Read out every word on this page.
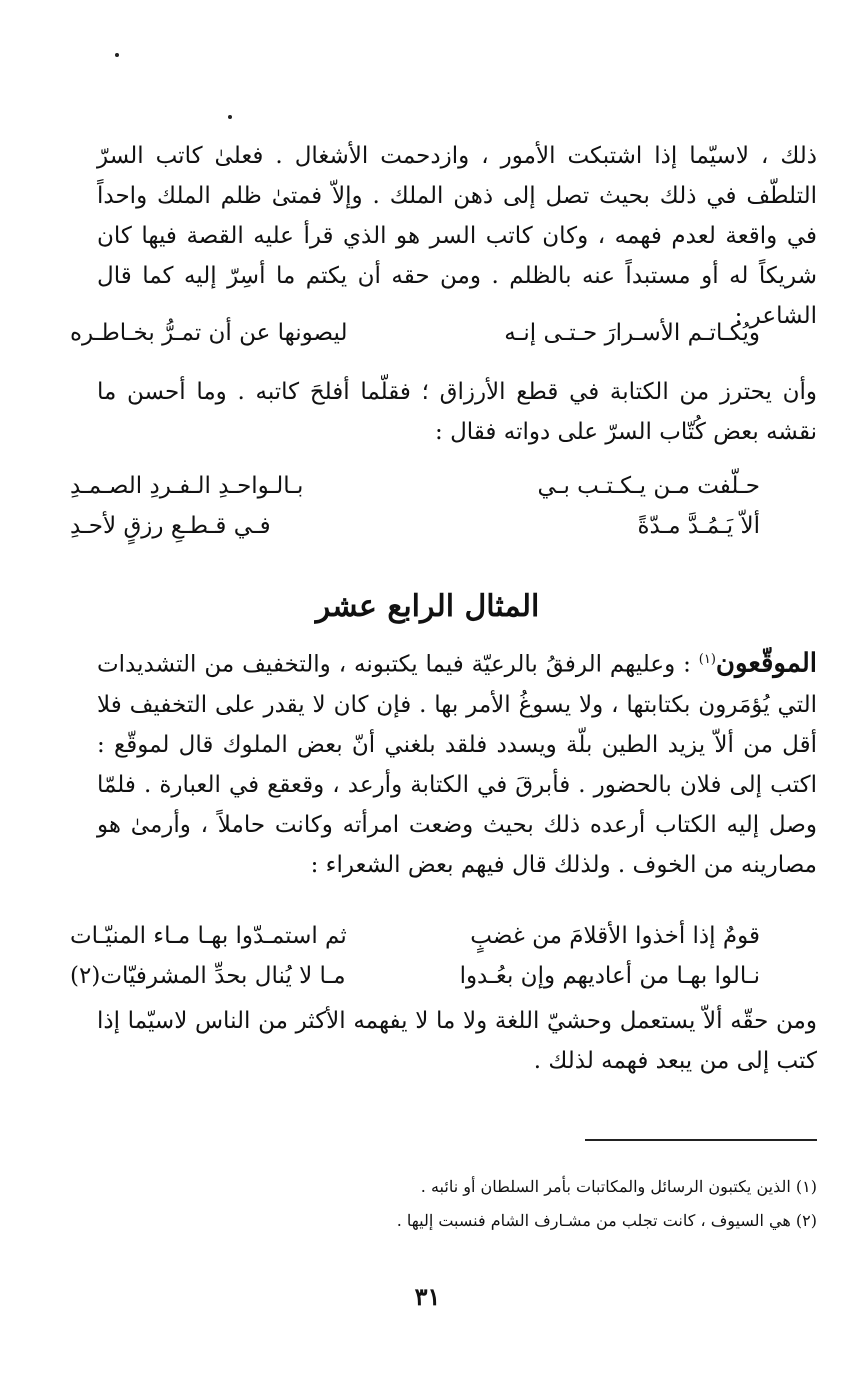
ذلك ، لاسيّما إذا اشتبكت الأمور ، وازدحمت الأشغال . فعلىٰ كاتب السرّ التلطّف في ذلك بحيث تصل إلى ذهن الملك . وإلاّ فمتىٰ ظلم الملك واحداً في واقعة لعدم فهمه ، وكان كاتب السر هو الذي قرأ عليه القصة فيها كان شريكاً له أو مستبداً عنه بالظلم . ومن حقه أن يكتم ما أسِرّ إليه كما قال الشاعر :

ويُكـاتـم الأسـرارَ حـتـى إنـه
ليصونها عن أن تمـرُّ بخـاطـره

وأن يحترز من الكتابة في قطع الأرزاق ؛ فقلّما أفلحَ كاتبه . وما أحسن ما نقشه بعض كُتّاب السرّ على دواته فقال :

حـلّفت مـن يـكـتـب بـي
بـالـواحـدِ الـفـردِ الصـمـدِ
ألاّ يَـمُـدَّ مـدّةً
فـي قـطـعِ رزقٍ لأحـدِ
المثال الرابع عشر

الموقّعون$^{(١)}$ : وعليهم الرفقُ بالرعيّة فيما يكتبونه ، والتخفيف من التشديدات التي يُؤمَرون بكتابتها ، ولا يسوغُ الأمر بها . فإن كان لا يقدر على التخفيف فلا أقل من ألاّ يزيد الطين بلّة ويسدد فلقد بلغني أنّ بعض الملوك قال لموقّع : اكتب إلى فلان بالحضور . فأبرقَ في الكتابة وأرعد ، وقعقع في العبارة . فلمّا وصل إليه الكتاب أرعده ذلك بحيث وضعت امرأته وكانت حاملاً ، وأرمىٰ هو مصارينه من الخوف . ولذلك قال فيهم بعض الشعراء :

قومٌ إذا أخذوا الأقلامَ من غضبٍ
ثم استمـدّوا بهـا مـاء المنيّـات
نـالوا بهـا من أعاديهم وإن بعُـدوا
مـا لا يُنال بحدِّ المشرفيّات(٢)

ومن حقّه ألاّ يستعمل وحشيّ اللغة ولا ما لا يفهمه الأكثر من الناس لاسيّما إذا كتب إلى من يبعد فهمه لذلك .

(١) الذين يكتبون الرسائل والمكاتبات بأمر السلطان أو نائبه .
(٢) هي السيوف ، كانت تجلب من مشـارف الشام فنسبت إليها .
٣١
